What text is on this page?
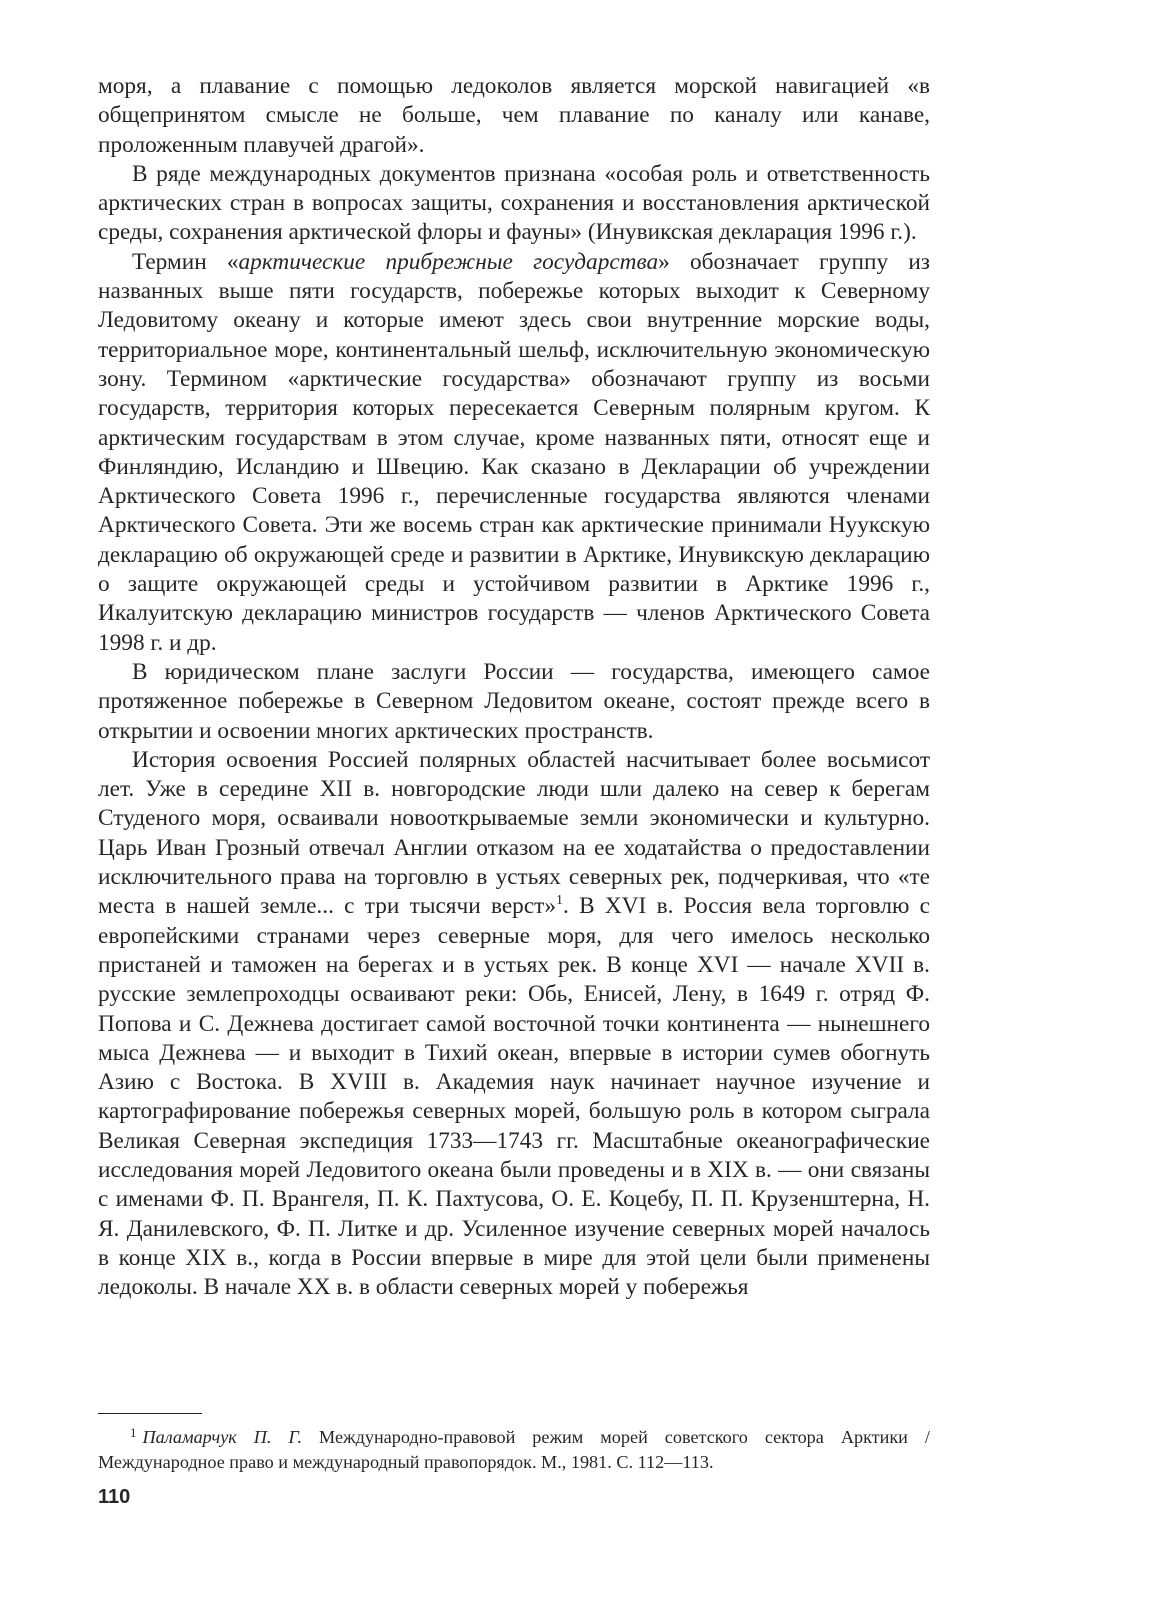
моря, а плавание с помощью ледоколов является морской навигацией «в общепринятом смысле не больше, чем плавание по каналу или канаве, проложенным плавучей драгой».

В ряде международных документов признана «особая роль и ответственность арктических стран в вопросах защиты, сохранения и восстановления арктической среды, сохранения арктической флоры и фауны» (Инувикская декларация 1996 г.).

Термин «арктические прибрежные государства» обозначает группу из названных выше пяти государств, побережье которых выходит к Северному Ледовитому океану и которые имеют здесь свои внутренние морские воды, территориальное море, континентальный шельф, исключительную экономическую зону. Термином «арктические государства» обозначают группу из восьми государств, территория которых пересекается Северным полярным кругом. К арктическим государствам в этом случае, кроме названных пяти, относят еще и Финляндию, Исландию и Швецию. Как сказано в Декларации об учреждении Арктического Совета 1996 г., перечисленные государства являются членами Арктического Совета. Эти же восемь стран как арктические принимали Нуукскую декларацию об окружающей среде и развитии в Арктике, Инувикскую декларацию о защите окружающей среды и устойчивом развитии в Арктике 1996 г., Икалуитскую декларацию министров государств — членов Арктического Совета 1998 г. и др.

В юридическом плане заслуги России — государства, имеющего самое протяженное побережье в Северном Ледовитом океане, состоят прежде всего в открытии и освоении многих арктических пространств.

История освоения Россией полярных областей насчитывает более восьмисот лет. Уже в середине XII в. новгородские люди шли далеко на север к берегам Студеного моря, осваивали новооткрываемые земли экономически и культурно. Царь Иван Грозный отвечал Англии отказом на ее ходатайства о предоставлении исключительного права на торговлю в устьях северных рек, подчеркивая, что «те места в нашей земле... с три тысячи верст»$^1$. В XVI в. Россия вела торговлю с европейскими странами через северные моря, для чего имелось несколько пристаней и таможен на берегах и в устьях рек. В конце XVI — начале XVII в. русские землепроходцы осваивают реки: Обь, Енисей, Лену, в 1649 г. отряд Ф. Попова и С. Дежнева достигает самой восточной точки континента — нынешнего мыса Дежнева — и выходит в Тихий океан, впервые в истории сумев обогнуть Азию с Востока. В XVIII в. Академия наук начинает научное изучение и картографирование побережья северных морей, большую роль в котором сыграла Великая Северная экспедиция 1733—1743 гг. Масштабные океанографические исследования морей Ледовитого океана были проведены и в XIX в. — они связаны с именами Ф. П. Врангеля, П. К. Пахтусова, О. Е. Коцебу, П. П. Крузенштерна, Н. Я. Данилевского, Ф. П. Литке и др. Усиленное изучение северных морей началось в конце XIX в., когда в России впервые в мире для этой цели были применены ледоколы. В начале XX в. в области северных морей у побережья

$^1$ Паламарчук П. Г. Международно-правовой режим морей советского сектора Арктики / Международное право и международный правопорядок. М., 1981. С. 112—113.

110
